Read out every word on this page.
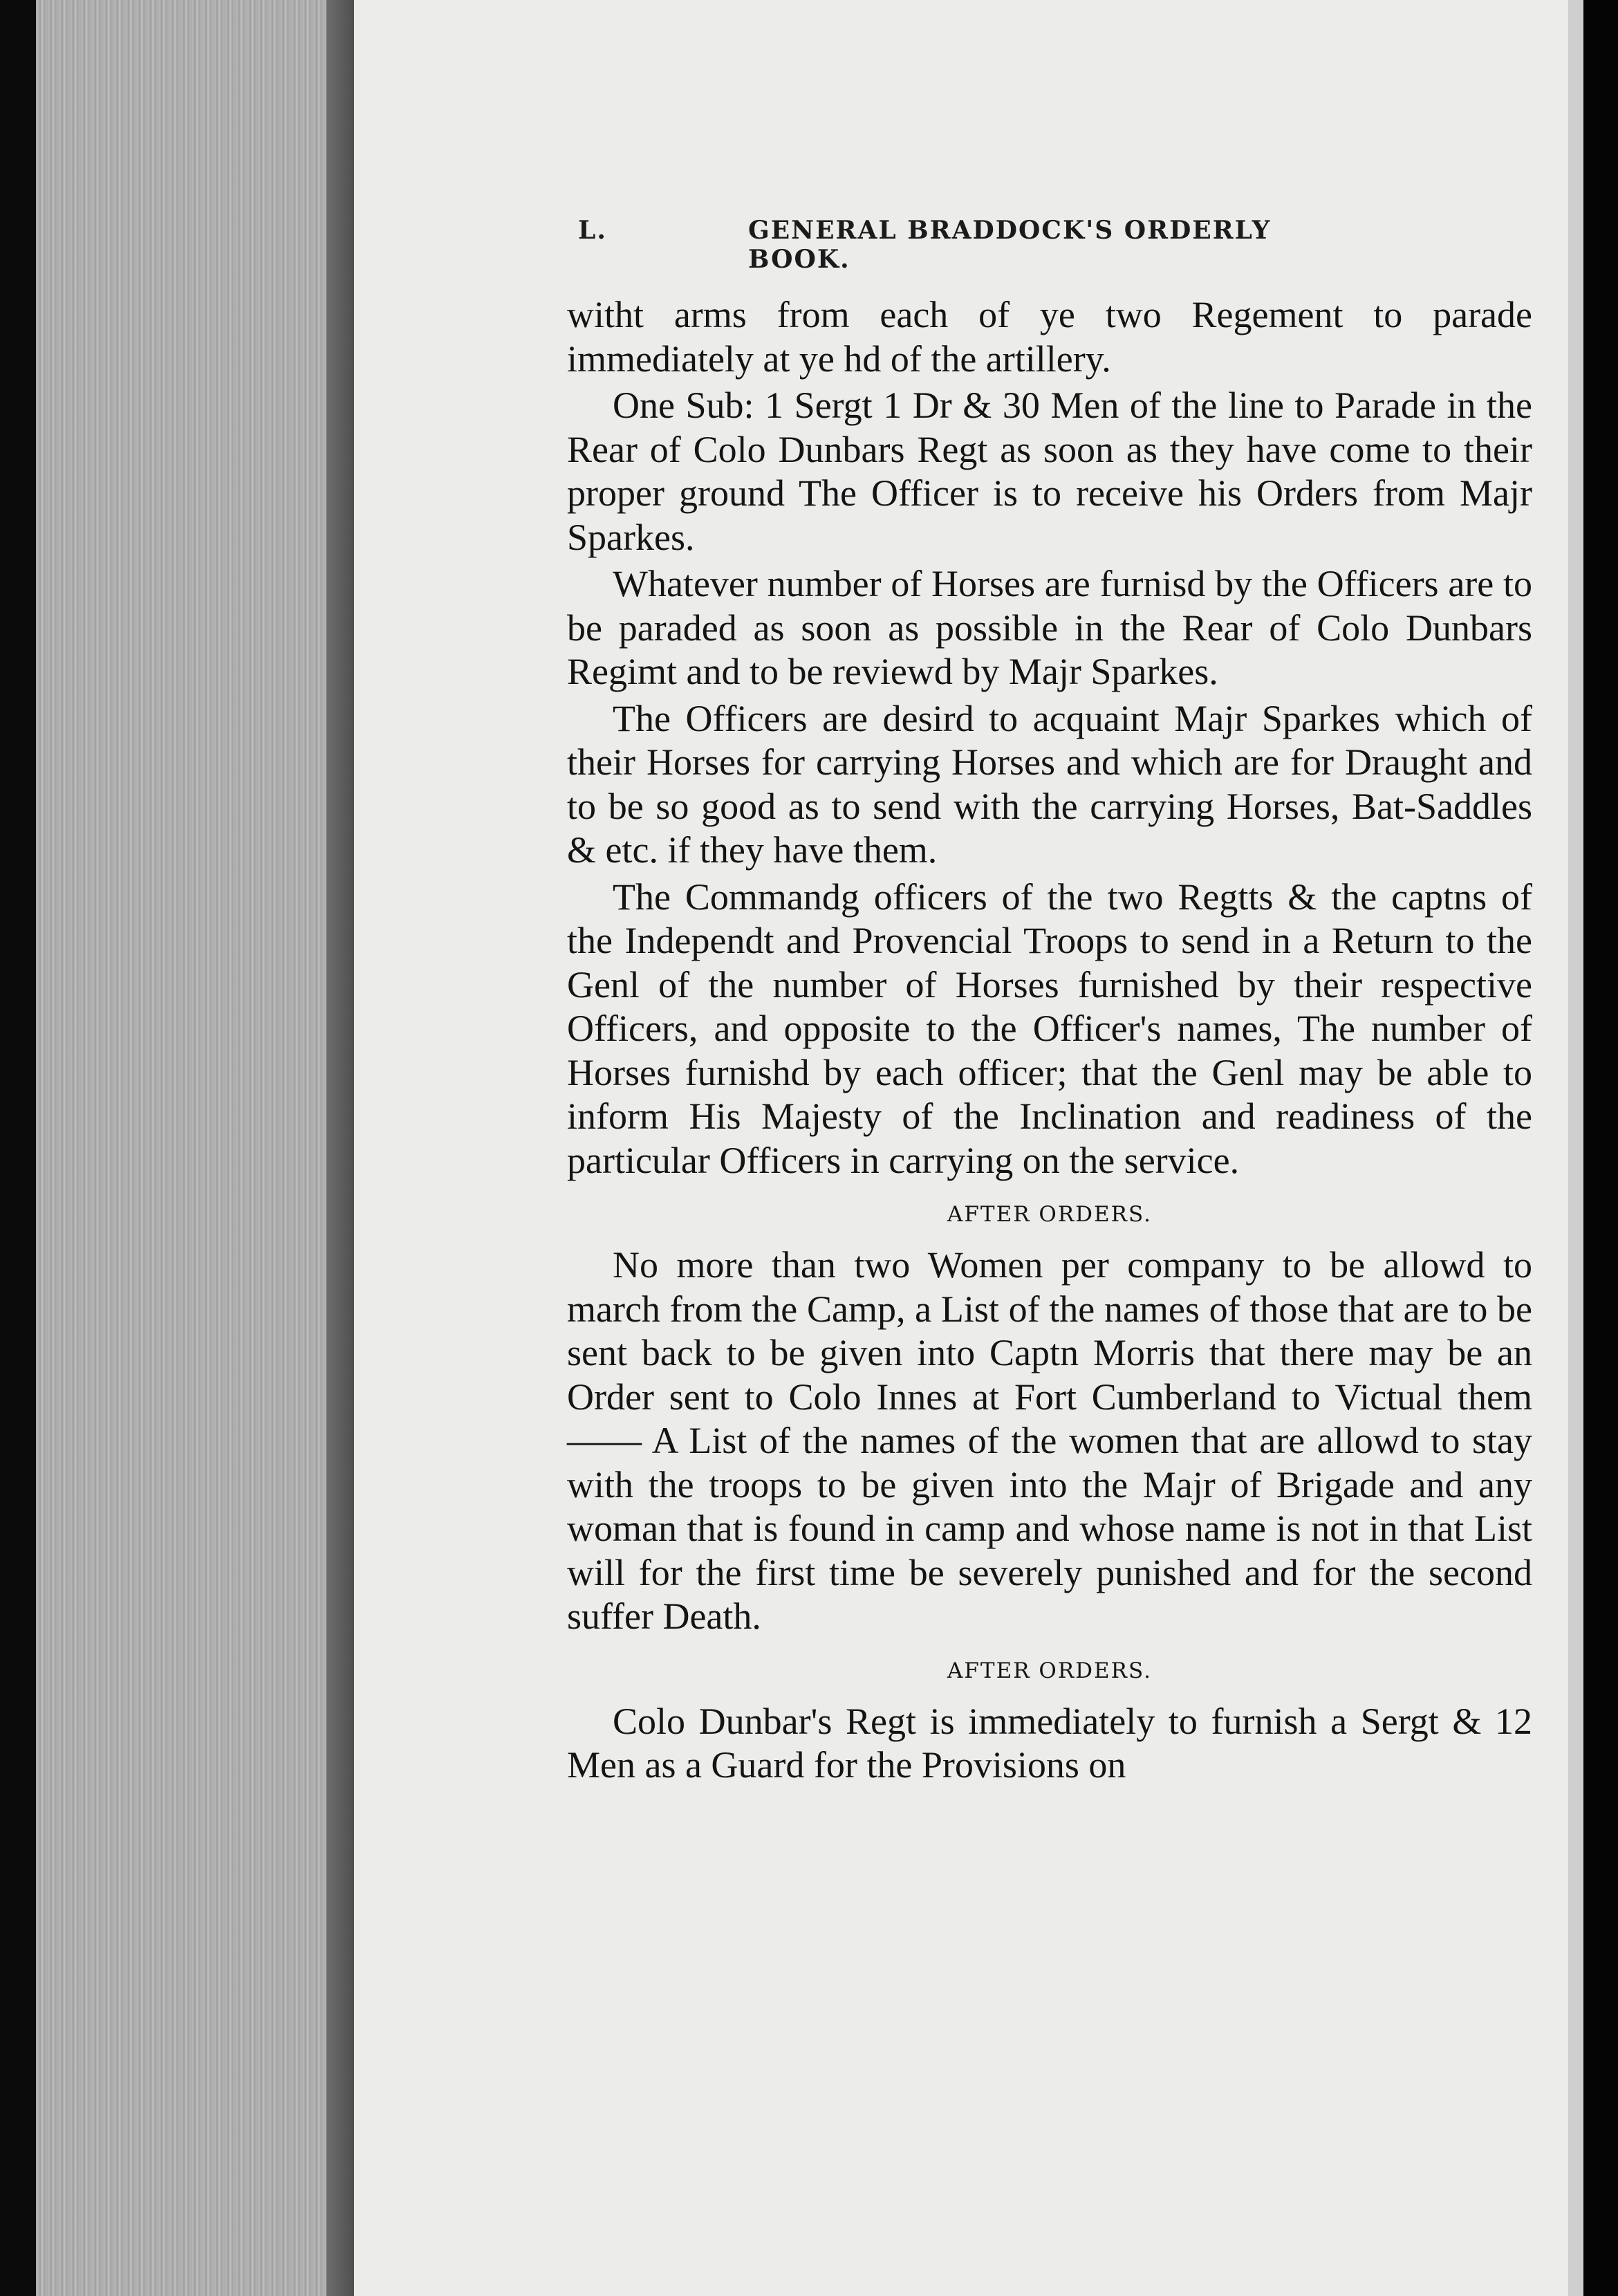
L.	GENERAL BRADDOCK'S ORDERLY BOOK.

witht arms from each of ye two Regement to parade immediately at ye hd of the artillery.

One Sub: 1 Sergt 1 Dr & 30 Men of the line to Parade in the Rear of Colo Dunbars Regt as soon as they have come to their proper ground The Officer is to receive his Orders from Majr Sparkes.

Whatever number of Horses are furnisd by the Officers are to be paraded as soon as possible in the Rear of Colo Dunbars Regimt and to be reviewd by Majr Sparkes.

The Officers are desird to acquaint Majr Sparkes which of their Horses for carrying Horses and which are for Draught and to be so good as to send with the carrying Horses, Bat-Saddles & etc. if they have them.

The Commandg officers of the two Regtts & the captns of the Independt and Provencial Troops to send in a Return to the Genl of the number of Horses furnished by their respective Officers, and opposite to the Officer's names, The number of Horses furnishd by each officer; that the Genl may be able to inform His Majesty of the Inclination and readiness of the particular Officers in carrying on the service.

AFTER ORDERS.

No more than two Women per company to be allowd to march from the Camp, a List of the names of those that are to be sent back to be given into Captn Morris that there may be an Order sent to Colo Innes at Fort Cumberland to Victual them—— A List of the names of the women that are allowd to stay with the troops to be given into the Majr of Brigade and any woman that is found in camp and whose name is not in that List will for the first time be severely punished and for the second suffer Death.

AFTER ORDERS.

Colo Dunbar's Regt is immediately to furnish a Sergt & 12 Men as a Guard for the Provisions on
